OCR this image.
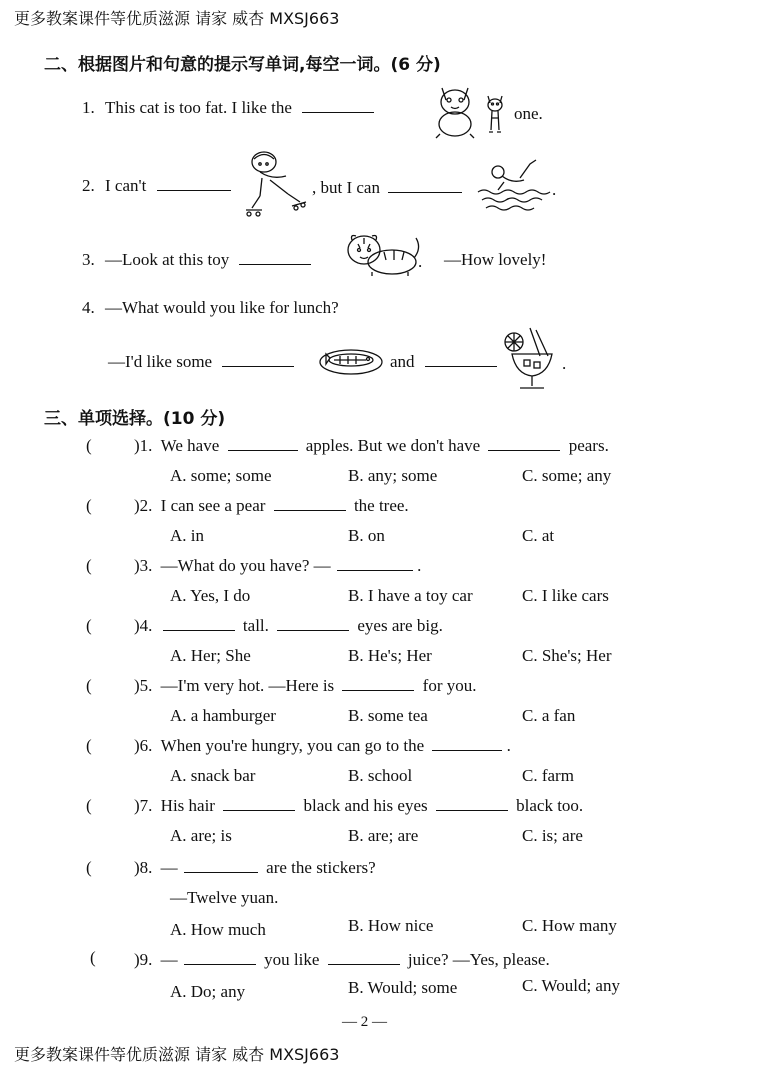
更多教案课件等优质滋源 请家 威杏 MXSJ663
二、根据图片和句意的提示写单词,每空一词。(6 分)
1. This cat is too fat. I like the	one.
2. I can't	, but I can	.
3. —Look at this toy	. —How lovely!
4. —What would you like for lunch?
—I'd like some	and	.
三、单项选择。(10 分)
( )1. We have	apples. But we don't have	pears.
A. some; some	B. any; some	C. some; any
( )2. I can see a pear	the tree.
A. in	B. on	C. at
( )3. —What do you have? —	.
A. Yes, I do	B. I have a toy car	C. I like cars
( )4.	tall.	eyes are big.
A. Her; She	B. He's; Her	C. She's; Her
( )5. —I'm very hot. —Here is	for you.
A. a hamburger	B. some tea	C. a fan
( )6. When you're hungry, you can go to the	.
A. snack bar	B. school	C. farm
( )7. His hair	black and his eyes	black too.
A. are; is	B. are; are	C. is; are
( )8. —	are the stickers?
—Twelve yuan.
A. How much	B. How nice	C. How many
( )9. —	you like	juice? —Yes, please.
A. Do; any	B. Would; some	C. Would; any
— 2 —
更多教案课件等优质滋源 请家 威杏 MXSJ663
